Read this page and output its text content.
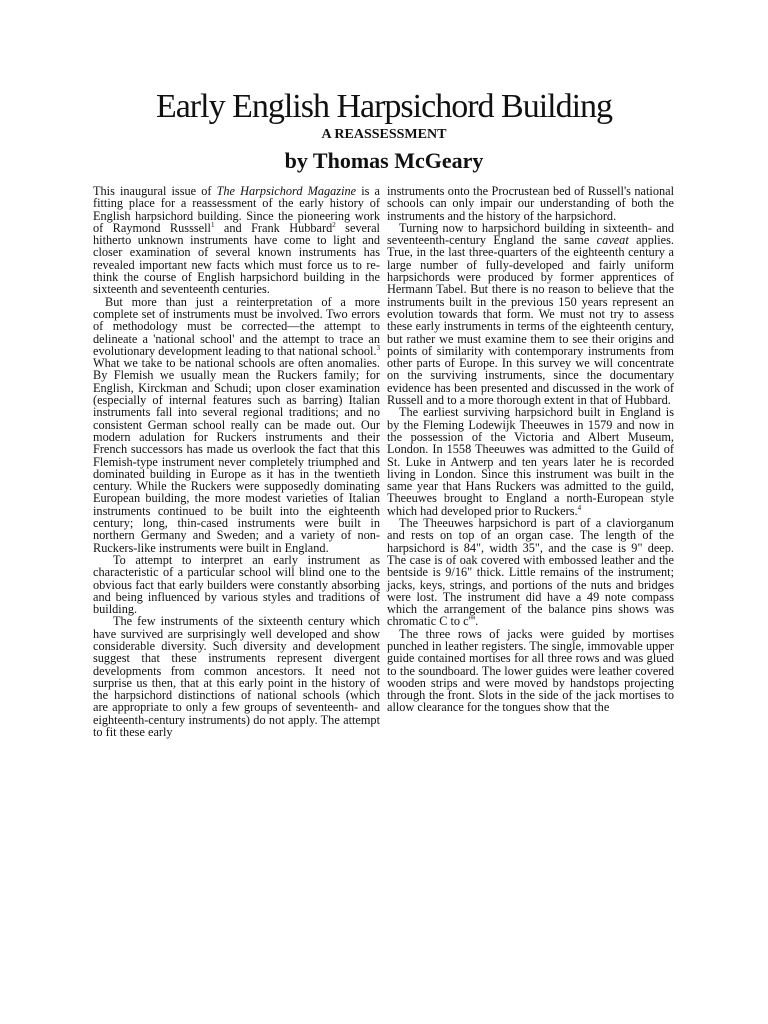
Early English Harpsichord Building
A REASSESSMENT
by Thomas McGeary

This inaugural issue of The Harpsichord Magazine is a fitting place for a reassessment of the early history of English harpsichord building. Since the pioneering work of Raymond Russsell$^1$ and Frank Hubbard$^2$ several hitherto unknown instruments have come to light and closer examination of several known instruments has revealed important new facts which must force us to re-think the course of English harpsichord building in the sixteenth and seventeenth centuries.

But more than just a reinterpretation of a more complete set of instruments must be involved. Two errors of methodology must be corrected—the attempt to delineate a 'national school' and the attempt to trace an evolutionary development leading to that national school.$^3$ What we take to be national schools are often anomalies. By Flemish we usually mean the Ruckers family; for English, Kirckman and Schudi; upon closer examination (especially of internal features such as barring) Italian instruments fall into several regional traditions; and no consistent German school really can be made out. Our modern adulation for Ruckers instruments and their French successors has made us overlook the fact that this Flemish-type instrument never completely triumphed and dominated building in Europe as it has in the twentieth century. While the Ruckers were supposedly dominating European building, the more modest varieties of Italian instruments continued to be built into the eighteenth century; long, thin-cased instruments were built in northern Germany and Sweden; and a variety of non-Ruckers-like instruments were built in England.

To attempt to interpret an early instrument as characteristic of a particular school will blind one to the obvious fact that early builders were constantly absorbing and being influenced by various styles and traditions of building.

The few instruments of the sixteenth century which have survived are surprisingly well developed and show considerable diversity. Such diversity and development suggest that these instruments represent divergent developments from common ancestors. It need not surprise us then, that at this early point in the history of the harpsichord distinctions of national schools (which are appropriate to only a few groups of seventeenth- and eighteenth-century instruments) do not apply. The attempt to fit these early

instruments onto the Procrustean bed of Russell's national schools can only impair our understanding of both the instruments and the history of the harpsichord.

Turning now to harpsichord building in sixteenth- and seventeenth-century England the same caveat applies. True, in the last three-quarters of the eighteenth century a large number of fully-developed and fairly uniform harpsichords were produced by former apprentices of Hermann Tabel. But there is no reason to believe that the instruments built in the previous 150 years represent an evolution towards that form. We must not try to assess these early instruments in terms of the eighteenth century, but rather we must examine them to see their origins and points of similarity with contemporary instruments from other parts of Europe. In this survey we will concentrate on the surviving instruments, since the documentary evidence has been presented and discussed in the work of Russell and to a more thorough extent in that of Hubbard.

The earliest surviving harpsichord built in England is by the Fleming Lodewijk Theeuwes in 1579 and now in the possession of the Victoria and Albert Museum, London. In 1558 Theeuwes was admitted to the Guild of St. Luke in Antwerp and ten years later he is recorded living in London. Since this instrument was built in the same year that Hans Ruckers was admitted to the guild, Theeuwes brought to England a north-European style which had developed prior to Ruckers.$^4$

The Theeuwes harpsichord is part of a claviorganum and rests on top of an organ case. The length of the harpsichord is 84", width 35", and the case is 9" deep. The case is of oak covered with embossed leather and the bentside is 9/16" thick. Little remains of the instrument; jacks, keys, strings, and portions of the nuts and bridges were lost. The instrument did have a 49 note compass which the arrangement of the balance pins shows was chromatic C to c'''.

The three rows of jacks were guided by mortises punched in leather registers. The single, immovable upper guide contained mortises for all three rows and was glued to the soundboard. The lower guides were leather covered wooden strips and were moved by handstops projecting through the front. Slots in the side of the jack mortises to allow clearance for the tongues show that the
